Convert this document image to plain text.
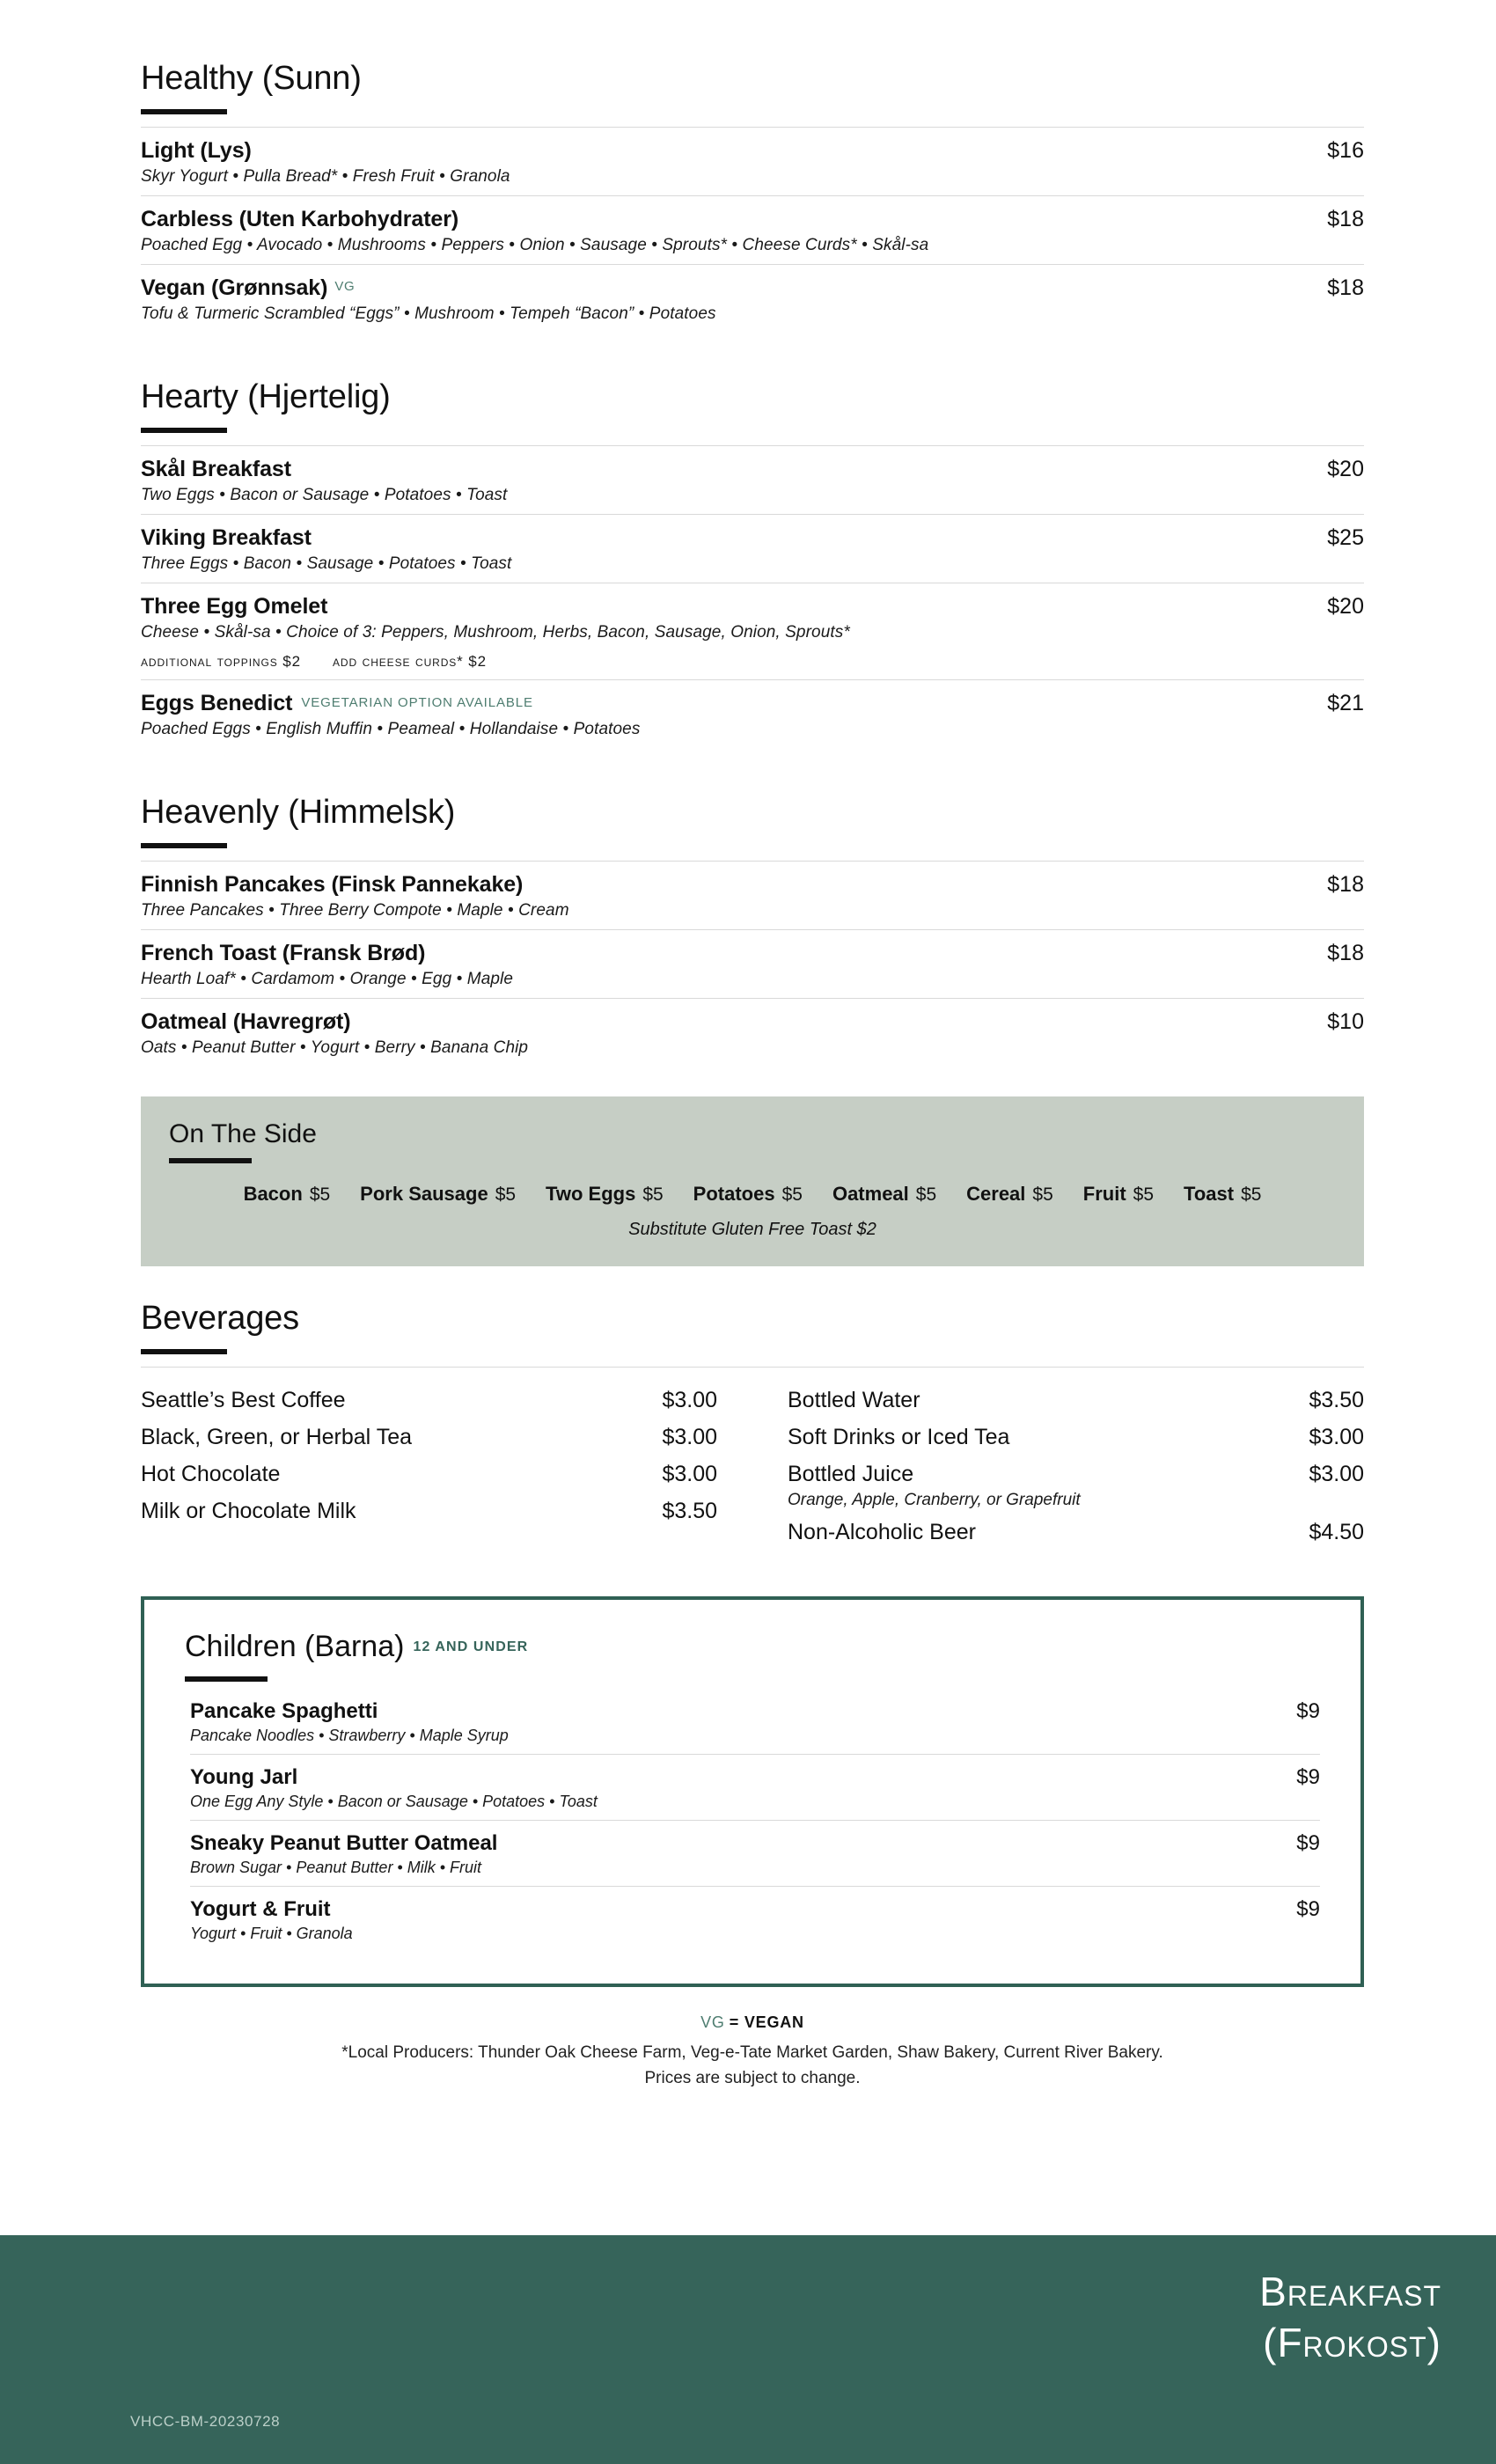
Healthy (Sunn)
Light (Lys)	$16
Skyr Yogurt • Pulla Bread* • Fresh Fruit • Granola
Carbless (Uten Karbohydrater)	$18
Poached Egg • Avocado • Mushrooms • Peppers • Onion • Sausage • Sprouts* • Cheese Curds* • Skål-sa
Vegan (Grønnsak) $^{VG}$	$18
Tofu & Turmeric Scrambled “Eggs” • Mushroom • Tempeh “Bacon” • Potatoes
Hearty (Hjertelig)
Skål Breakfast	$20
Two Eggs • Bacon or Sausage • Potatoes • Toast
Viking Breakfast	$25
Three Eggs • Bacon • Sausage • Potatoes • Toast
Three Egg Omelet	$20
Cheese • Skål-sa • Choice of 3: Peppers, Mushroom, Herbs, Bacon, Sausage, Onion, Sprouts*
additional toppings $2 add cheese curds* $2
Eggs Benedict VEGETARIAN OPTION AVAILABLE	$21
Poached Eggs • English Muffin • Peameal • Hollandaise • Potatoes
Heavenly (Himmelsk)
Finnish Pancakes (Finsk Pannekake)	$18
Three Pancakes • Three Berry Compote • Maple • Cream
French Toast (Fransk Brød)	$18
Hearth Loaf* • Cardamom • Orange • Egg • Maple
Oatmeal (Havregrøt)	$10
Oats • Peanut Butter • Yogurt • Berry • Banana Chip
On The Side
Bacon $5 Pork Sausage $5 Two Eggs $5 Potatoes $5 Oatmeal $5 Cereal $5 Fruit $5 Toast $5
Substitute Gluten Free Toast $2
Beverages
Seattle’s Best Coffee	$3.00
Black, Green, or Herbal Tea	$3.00
Hot Chocolate	$3.00
Milk or Chocolate Milk	$3.50
Bottled Water	$3.50
Soft Drinks or Iced Tea	$3.00
Bottled Juice	$3.00
Orange, Apple, Cranberry, or Grapefruit
Non-Alcoholic Beer	$4.50
Children (Barna) 12 AND UNDER
Pancake Spaghetti	$9
Pancake Noodles • Strawberry • Maple Syrup
Young Jarl	$9
One Egg Any Style • Bacon or Sausage • Potatoes • Toast
Sneaky Peanut Butter Oatmeal	$9
Brown Sugar • Peanut Butter • Milk • Fruit
Yogurt & Fruit	$9
Yogurt • Fruit • Granola
VG = VEGAN
*Local Producers: Thunder Oak Cheese Farm, Veg-e-Tate Market Garden, Shaw Bakery, Current River Bakery.
Prices are subject to change.
Breakfast
(Frokost)
VHCC-BM-20230728
